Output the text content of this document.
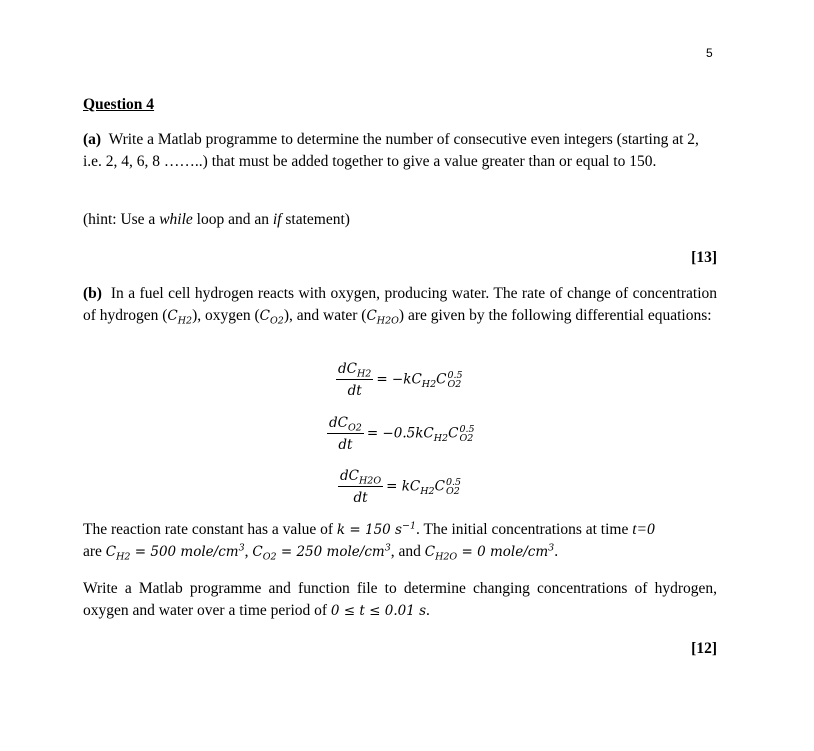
5
Question 4
(a) Write a Matlab programme to determine the number of consecutive even integers (starting at 2, i.e. 2, 4, 6, 8 ……..) that must be added together to give a value greater than or equal to 150.
(hint: Use a while loop and an if statement)
[13]
(b) In a fuel cell hydrogen reacts with oxygen, producing water. The rate of change of concentration of hydrogen $(C_{H2})$, oxygen $(C_{O2})$, and water $(C_{H2O})$ are given by the following differential equations:
$\frac{dC_{H2}}{dt} = -kC_{H2}C$ 0.5
O2
$\frac{dC_{O2}}{dt} = -0.5kC_{H2}C$ 0.5
O2
$\frac{dC_{H2O}}{dt} = kC_{H2}C$ 0.5
O2
The reaction rate constant has a value of k = 150 $s^{-1}$. The initial concentrations at time t=0
are $C_{H2} = 500$ mole/$cm^3$, $C_{O2} = 250$ mole/$cm^3$, and $C_{H2O} = 0$ mole/$cm^3$.
Write a Matlab programme and function file to determine changing concentrations of hydrogen, oxygen and water over a time period of 0 ≤ t ≤ 0.01 s.
[12]
